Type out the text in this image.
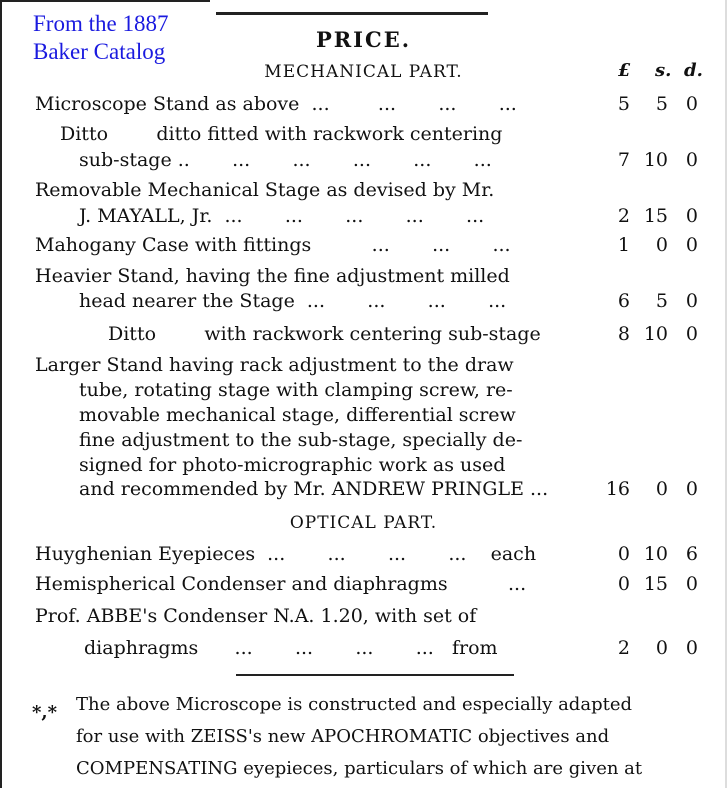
From the 1887
Baker Catalog	PRICE.
MECHANICAL PART.	£ s. d.
Microscope Stand as above  ...        ...       ...       ...	5	5 0
Ditto        ditto fitted with rackwork centering
sub-stage ..       ...       ...       ...       ...       ...	7 10 0
Removable Mechanical Stage as devised by Mr.
J. MAYALL, Jr.  ...       ...       ...       ...       ...	2 15 0
Mahogany Case with fittings          ...       ...       ...	1	0 0
Heavier Stand, having the fine adjustment milled
head nearer the Stage  ...       ...       ...       ...	6	5 0
Ditto        with rackwork centering sub-stage	8 10 0
Larger Stand having rack adjustment to the draw
tube, rotating stage with clamping screw, re-
movable mechanical stage, differential screw
fine adjustment to the sub-stage, specially de-
signed for photo-micrographic work as used
and recommended by Mr. ANDREW PRINGLE ...	16	0 0
OPTICAL PART.
Huyghenian Eyepieces  ...       ...       ...       ...    each	0 10 6
Hemispherical Condenser and diaphragms          ...	0 15 0
Prof. ABBE's Condenser N.A. 1.20, with set of
diaphragms      ...       ...       ...       ...   from	2	0 0
*,* The above Microscope is constructed and especially adapted
for use with ZEISS's new APOCHROMATIC objectives and
COMPENSATING eyepieces, particulars of which are given at
